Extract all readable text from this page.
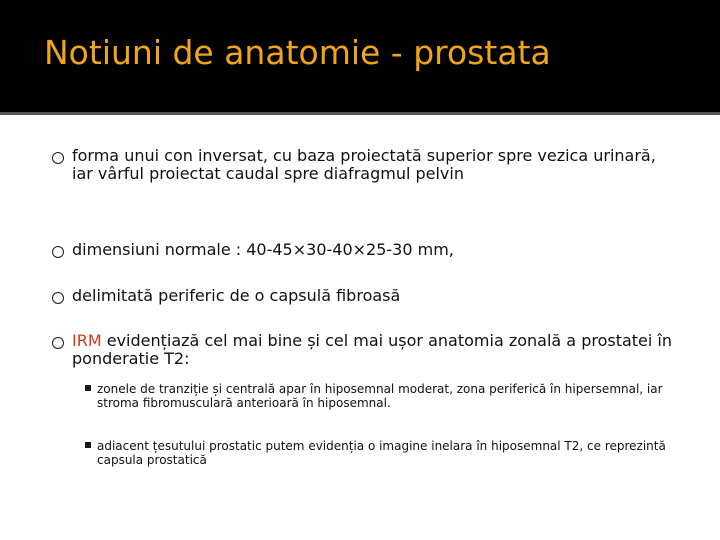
Notiuni de anatomie - prostata
forma unui con inversat, cu baza proiectată superior spre vezica urinară, iar vârful proiectat caudal spre diafragmul pelvin
dimensiuni normale : 40-45×30-40×25-30 mm,
delimitată periferic de o capsulă fibroasă
IRM evidențiază cel mai bine și cel mai ușor anatomia zonală a prostatei în ponderatie T2:
zonele de tranziție și centrală apar în hiposemnal moderat, zona periferică în hipersemnal, iar stroma fibromusculară anterioară în hiposemnal.
adiacent țesutului prostatic putem evidenția o imagine inelara în hiposemnal T2, ce reprezintă capsula prostatică
